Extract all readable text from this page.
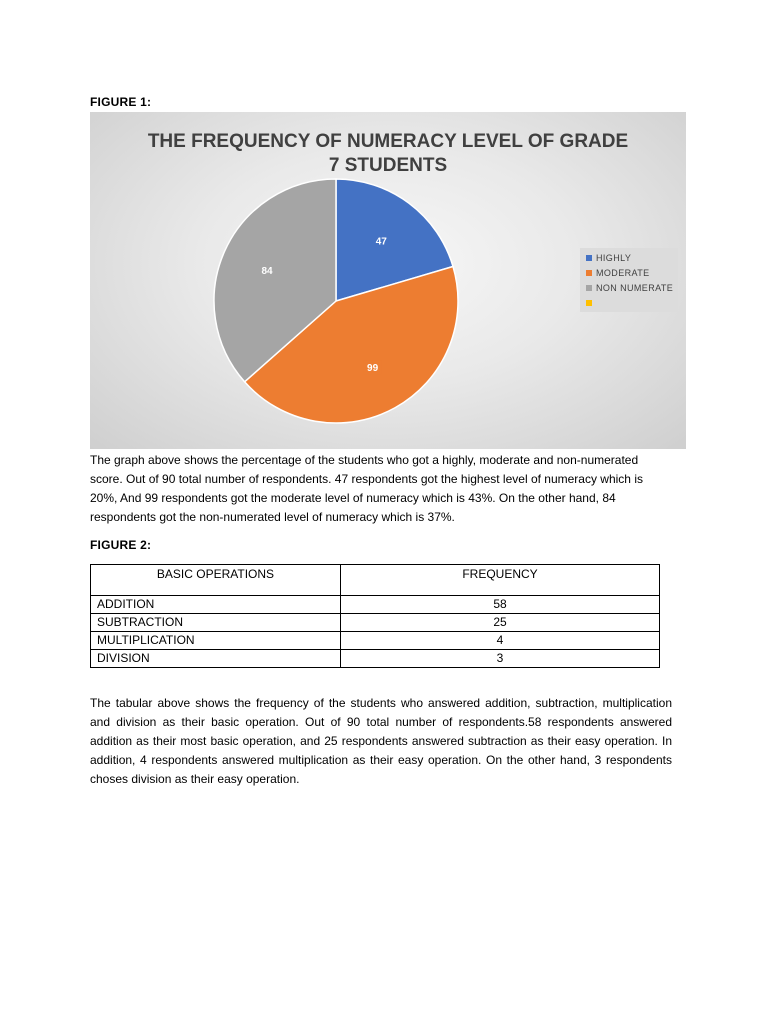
FIGURE 1:
THE FREQUENCY OF NUMERACY LEVEL OF GRADE
7 STUDENTS
47
99
84
HIGHLY
MODERATE
NON NUMERATE
The graph above shows the percentage of the students who got a highly, moderate and non-numerated score. Out of 90 total number of respondents. 47 respondents got the highest level of numeracy which is 20%, And 99 respondents got the moderate level of numeracy which is 43%. On the other hand, 84 respondents got the non-numerated level of numeracy which is 37%.
FIGURE 2:
BASIC OPERATIONS	FREQUENCY
ADDITION	58
SUBTRACTION	25
MULTIPLICATION	4
DIVISION	3
The tabular above shows the frequency of the students who answered addition, subtraction, multiplication and division as their basic operation. Out of 90 total number of respondents.58 respondents answered addition as their most basic operation, and 25 respondents answered subtraction as their easy operation. In addition, 4 respondents answered multiplication as their easy operation. On the other hand, 3 respondents choses division as their easy operation.
